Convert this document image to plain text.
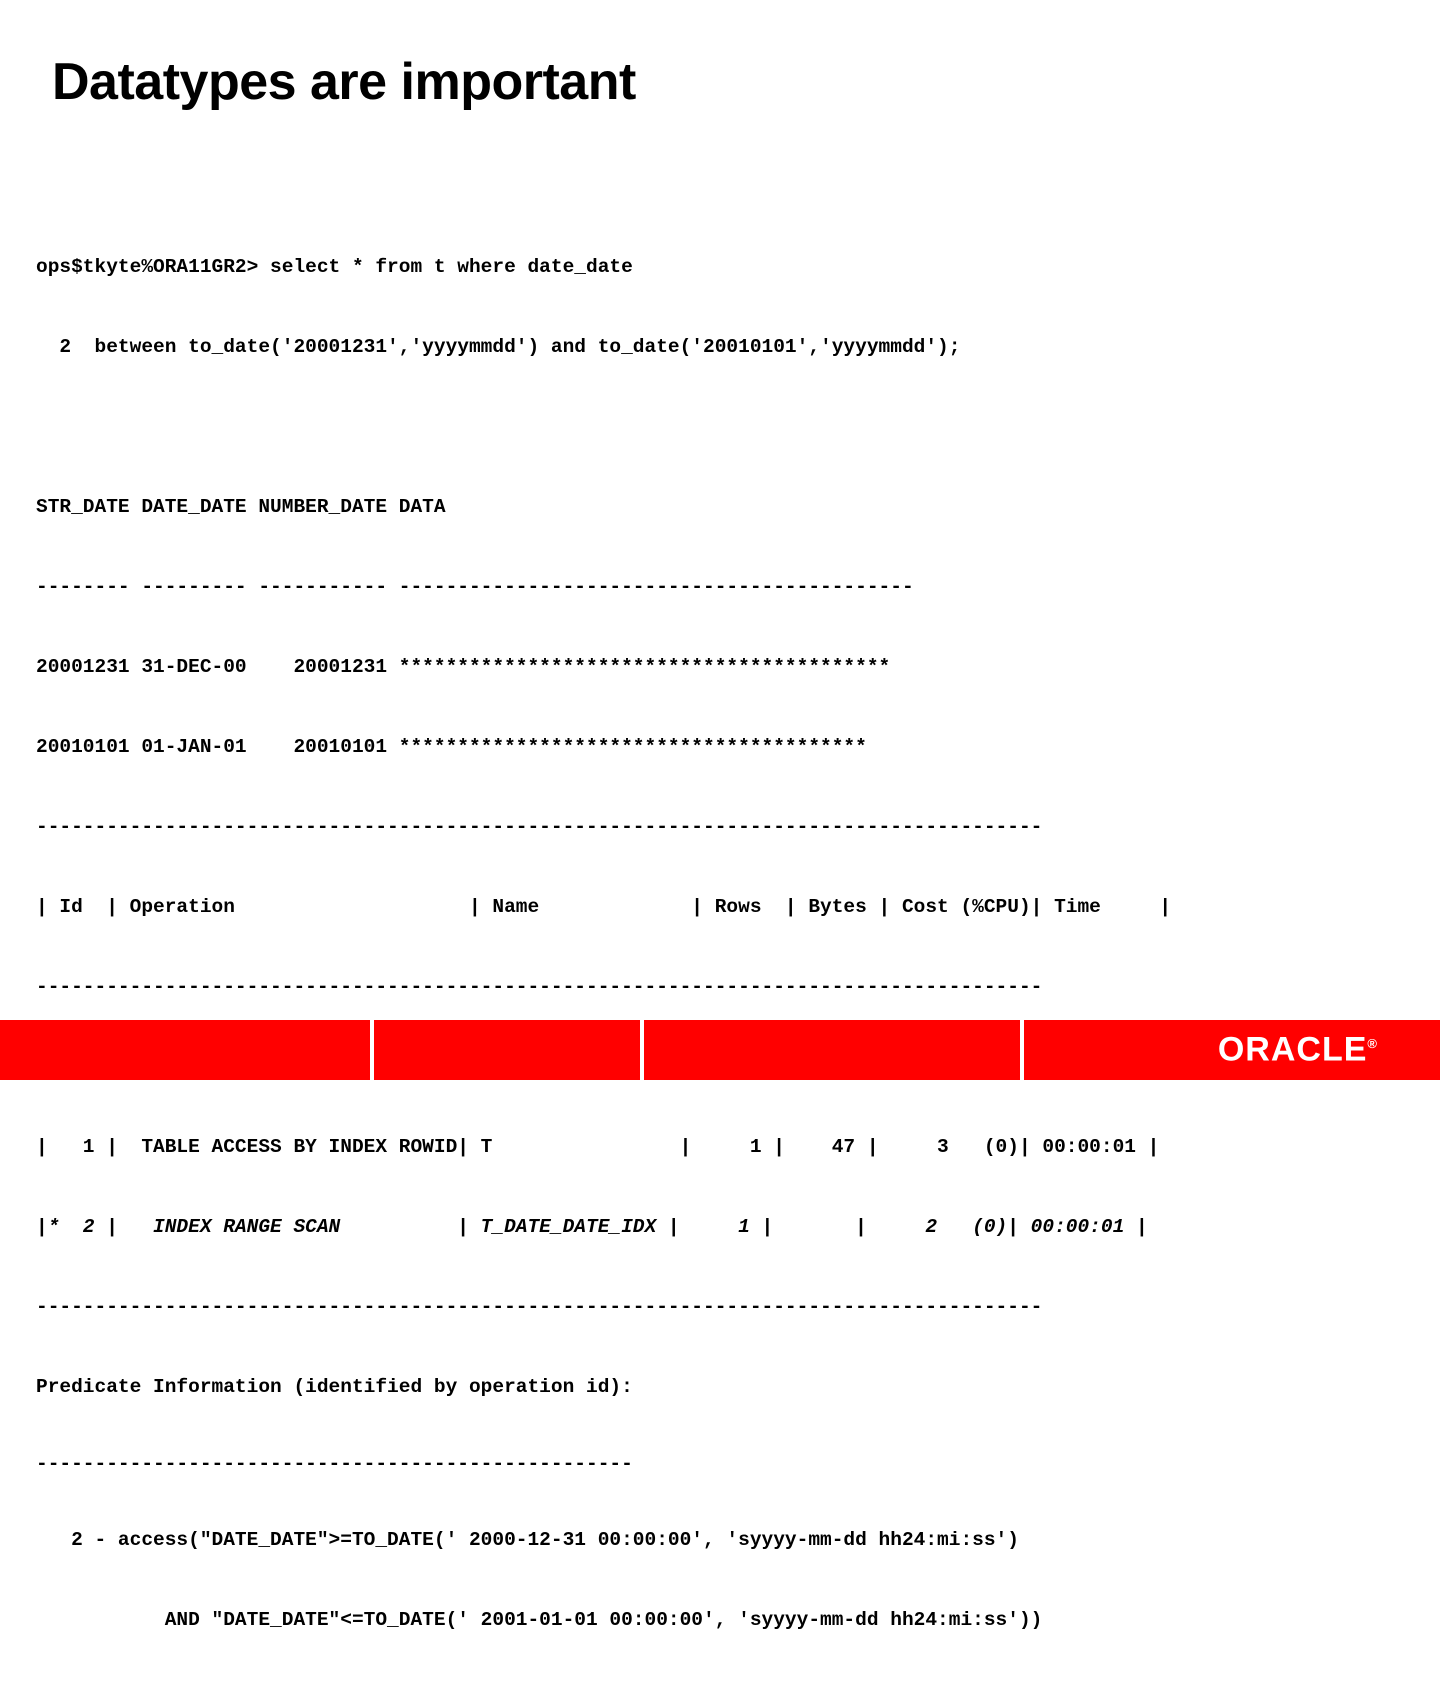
Datatypes are important

ops$tkyte%ORA11GR2> select * from t where date_date

2  between to_date('20001231','yyyymmdd') and to_date('20010101','yyyymmdd');

STR_DATE DATE_DATE NUMBER_DATE DATA

-------- --------- ----------- --------------------------------------------

20001231 31-DEC-00    20001231 ******************************************

20010101 01-JAN-01    20010101 ****************************************

--------------------------------------------------------------------------------------

| Id  | Operation                    | Name             | Rows  | Bytes | Cost (%CPU)| Time     |

--------------------------------------------------------------------------------------

|   1 |  TABLE ACCESS BY INDEX ROWID| T                |     1 |    47 |     3   (0)| 00:00:01 |

|*  2 |   INDEX RANGE SCAN          | T_DATE_DATE_IDX |     1 |       |     2   (0)| 00:00:01 |

--------------------------------------------------------------------------------------

Predicate Information (identified by operation id):

---------------------------------------------------

2 - access("DATE_DATE">=TO_DATE(' 2000-12-31 00:00:00', 'syyyy-mm-dd hh24:mi:ss')

AND "DATE_DATE"<=TO_DATE(' 2001-01-01 00:00:00', 'syyyy-mm-dd hh24:mi:ss'))

ORACLE®
